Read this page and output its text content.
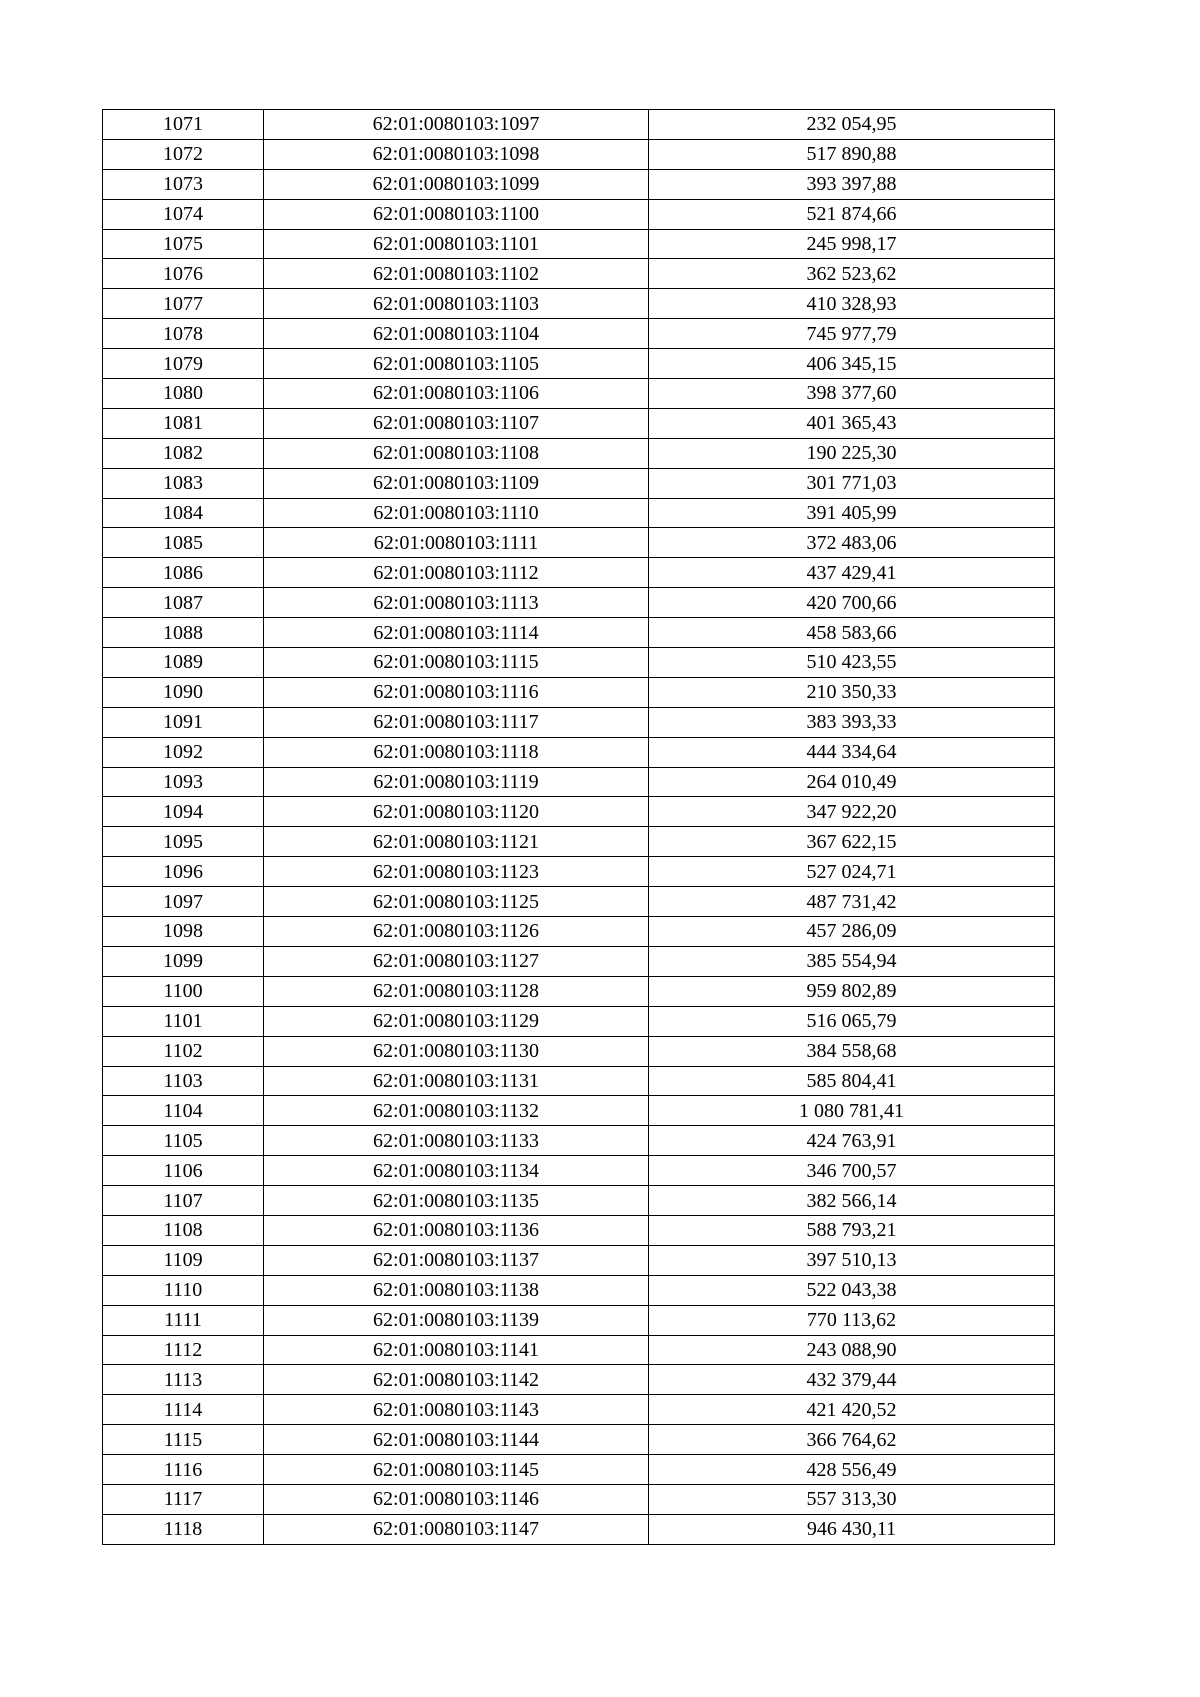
1071	62:01:0080103:1097	232 054,95
1072	62:01:0080103:1098	517 890,88
1073	62:01:0080103:1099	393 397,88
1074	62:01:0080103:1100	521 874,66
1075	62:01:0080103:1101	245 998,17
1076	62:01:0080103:1102	362 523,62
1077	62:01:0080103:1103	410 328,93
1078	62:01:0080103:1104	745 977,79
1079	62:01:0080103:1105	406 345,15
1080	62:01:0080103:1106	398 377,60
1081	62:01:0080103:1107	401 365,43
1082	62:01:0080103:1108	190 225,30
1083	62:01:0080103:1109	301 771,03
1084	62:01:0080103:1110	391 405,99
1085	62:01:0080103:1111	372 483,06
1086	62:01:0080103:1112	437 429,41
1087	62:01:0080103:1113	420 700,66
1088	62:01:0080103:1114	458 583,66
1089	62:01:0080103:1115	510 423,55
1090	62:01:0080103:1116	210 350,33
1091	62:01:0080103:1117	383 393,33
1092	62:01:0080103:1118	444 334,64
1093	62:01:0080103:1119	264 010,49
1094	62:01:0080103:1120	347 922,20
1095	62:01:0080103:1121	367 622,15
1096	62:01:0080103:1123	527 024,71
1097	62:01:0080103:1125	487 731,42
1098	62:01:0080103:1126	457 286,09
1099	62:01:0080103:1127	385 554,94
1100	62:01:0080103:1128	959 802,89
1101	62:01:0080103:1129	516 065,79
1102	62:01:0080103:1130	384 558,68
1103	62:01:0080103:1131	585 804,41
1104	62:01:0080103:1132	1 080 781,41
1105	62:01:0080103:1133	424 763,91
1106	62:01:0080103:1134	346 700,57
1107	62:01:0080103:1135	382 566,14
1108	62:01:0080103:1136	588 793,21
1109	62:01:0080103:1137	397 510,13
1110	62:01:0080103:1138	522 043,38
1111	62:01:0080103:1139	770 113,62
1112	62:01:0080103:1141	243 088,90
1113	62:01:0080103:1142	432 379,44
1114	62:01:0080103:1143	421 420,52
1115	62:01:0080103:1144	366 764,62
1116	62:01:0080103:1145	428 556,49
1117	62:01:0080103:1146	557 313,30
1118	62:01:0080103:1147	946 430,11
